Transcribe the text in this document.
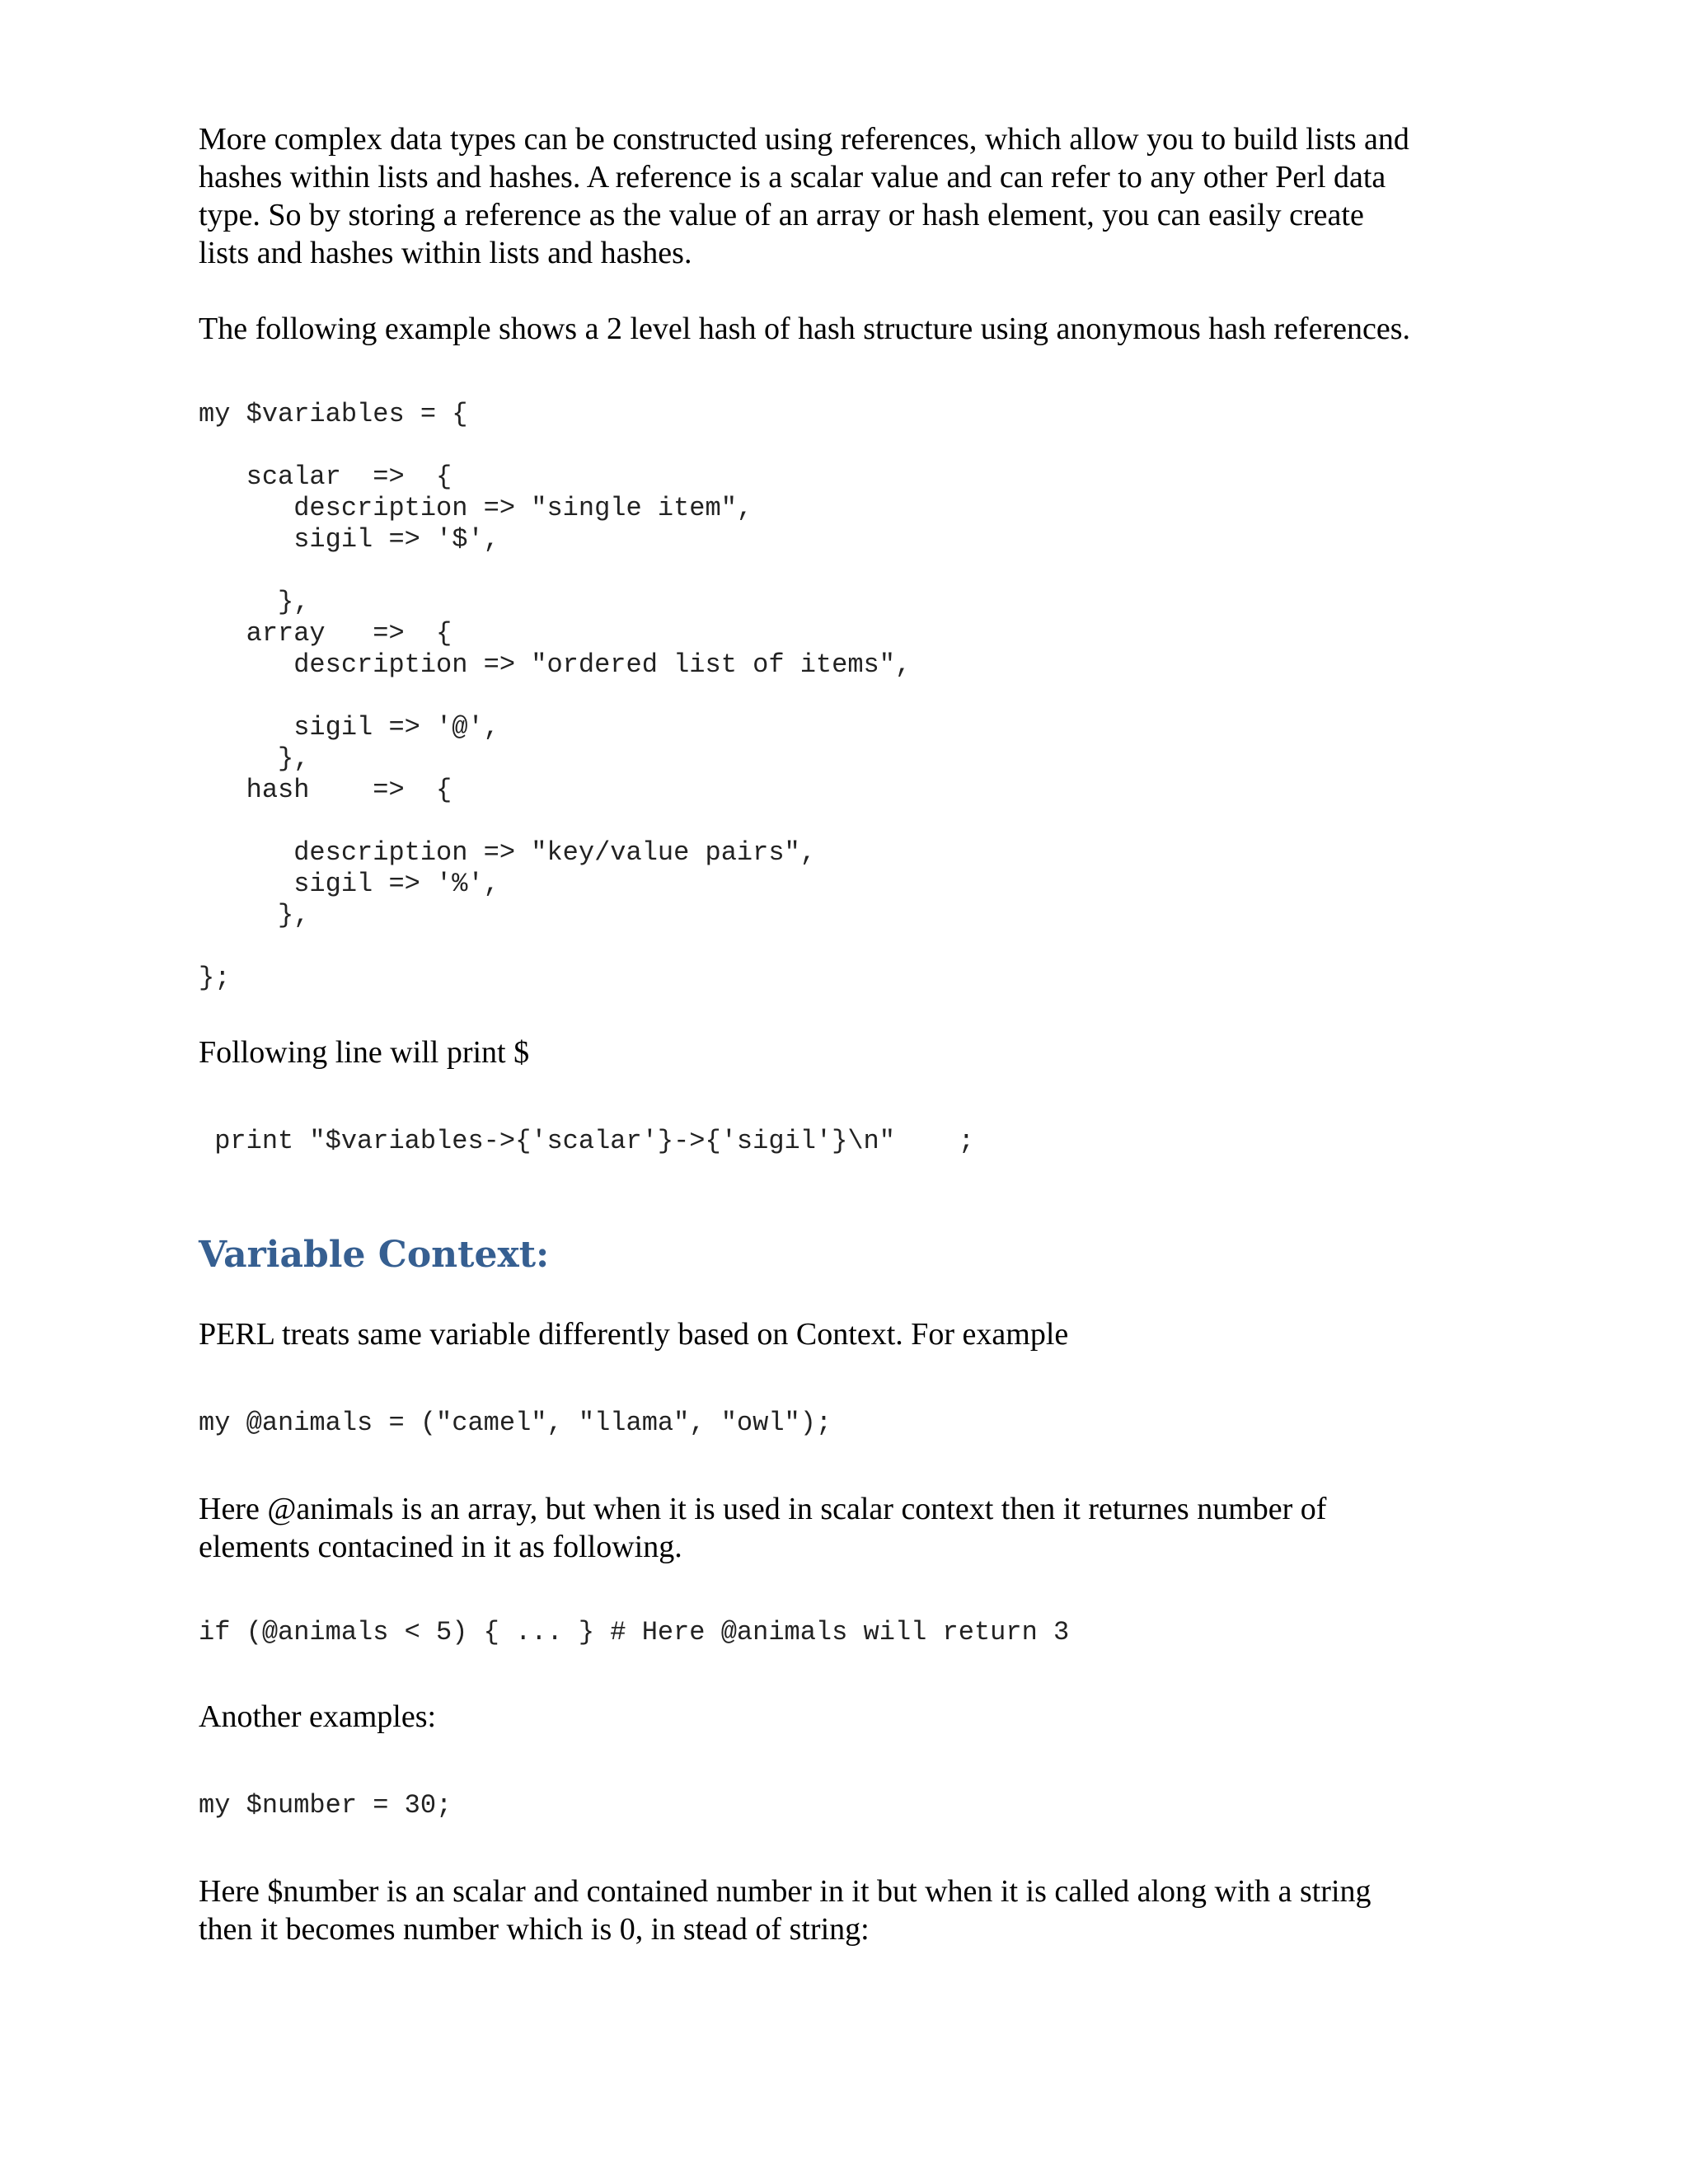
More complex data types can be constructed using references, which allow you to build lists and
hashes within lists and hashes. A reference is a scalar value and can refer to any other Perl data
type. So by storing a reference as the value of an array or hash element, you can easily create
lists and hashes within lists and hashes.

The following example shows a 2 level hash of hash structure using anonymous hash references.

my $variables = {

scalar  =>  {
description => "single item",
sigil => '$',

},
array   =>  {
description => "ordered list of items",

sigil => '@',
},
hash    =>  {

description => "key/value pairs",
sigil => '%',
},

};

Following line will print $

print "$variables->{'scalar'}->{'sigil'}\n"    ;
Variable Context:

PERL treats same variable differently based on Context. For example

my @animals = ("camel", "llama", "owl");

Here @animals is an array, but when it is used in scalar context then it returnes number of
elements contacined in it as following.

if (@animals < 5) { ... } # Here @animals will return 3

Another examples:

my $number = 30;

Here $number is an scalar and contained number in it but when it is called along with a string
then it becomes number which is 0, in stead of string:
